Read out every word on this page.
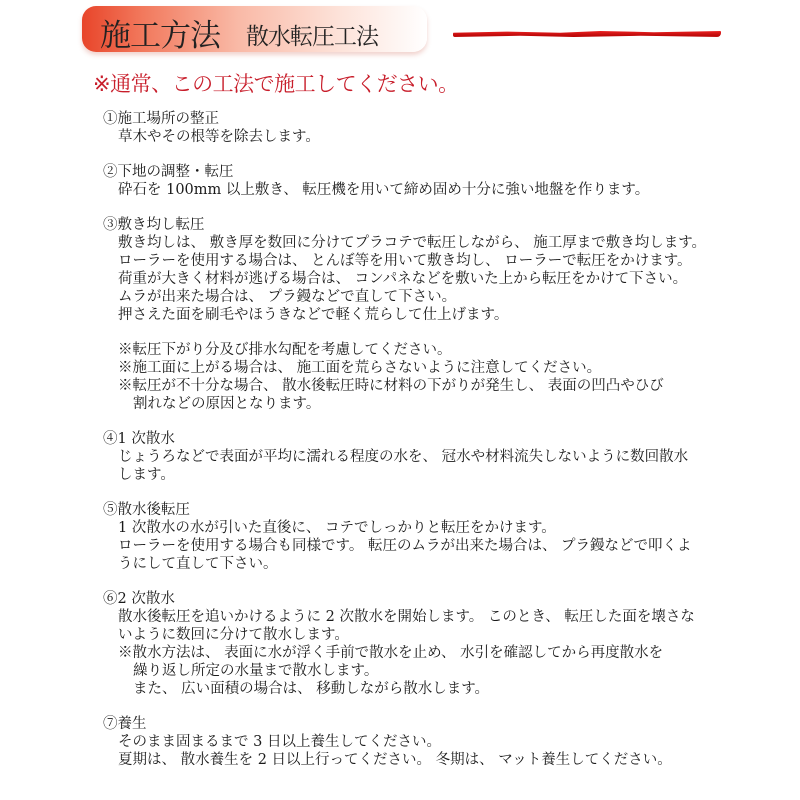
施工方法 散水転圧工法
※通常、この工法で施工してください。
①施工場所の整正
草木やその根等を除去します。
②下地の調整・転圧
砕石を 100mm 以上敷き、 転圧機を用いて締め固め十分に強い地盤を作ります。
③敷き均し転圧
敷き均しは、 敷き厚を数回に分けてプラコテで転圧しながら、 施工厚まで敷き均します。
ローラーを使用する場合は、 とんぼ等を用いて敷き均し、 ローラーで転圧をかけます。
荷重が大きく材料が逃げる場合は、 コンパネなどを敷いた上から転圧をかけて下さい。
ムラが出来た場合は、 プラ鏝などで直して下さい。
押さえた面を刷毛やほうきなどで軽く荒らして仕上げます。
※転圧下がり分及び排水勾配を考慮してください。
※施工面に上がる場合は、 施工面を荒らさないように注意してください。
※転圧が不十分な場合、 散水後転圧時に材料の下がりが発生し、 表面の凹凸やひび
割れなどの原因となります。
④1 次散水
じょうろなどで表面が平均に濡れる程度の水を、 冠水や材料流失しないように数回散水
します。
⑤散水後転圧
1 次散水の水が引いた直後に、 コテでしっかりと転圧をかけます。
ローラーを使用する場合も同様です。 転圧のムラが出来た場合は、 プラ鏝などで叩くよ
うにして直して下さい。
⑥2 次散水
散水後転圧を追いかけるように 2 次散水を開始します。 このとき、 転圧した面を壊さな
いように数回に分けて散水します。
※散水方法は、 表面に水が浮く手前で散水を止め、 水引を確認してから再度散水を
繰り返し所定の水量まで散水します。
また、 広い面積の場合は、 移動しながら散水します。
⑦養生
そのまま固まるまで 3 日以上養生してください。
夏期は、 散水養生を 2 日以上行ってください。 冬期は、 マット養生してください。
